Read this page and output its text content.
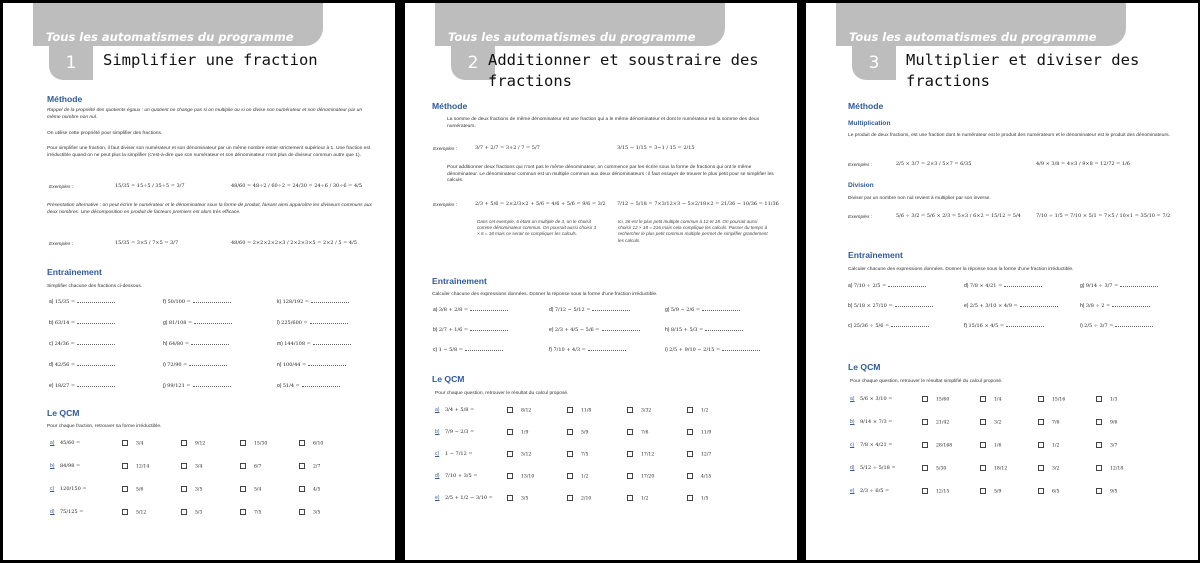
Tous les automatismes du programme
1	Simplifier une fraction
Méthode
Rappel de la propriété des quotients égaux : un quotient ne change pas si on multiplie ou si on divise son numérateur et son dénominateur par un même nombre non nul.
On utilise cette propriété pour simplifier des fractions.
Pour simplifier une fraction, il faut diviser son numérateur et son dénominateur par un même nombre entier strictement supérieur à 1. Une fraction est irréductible quand on ne peut plus la simplifier (c'est-à-dire que son numérateur et son dénominateur n'ont plus de diviseur commun autre que 1).
Exemples :	15/35 = 15÷5 / 35÷5 = 3/7	48/60 = 48÷2 / 60÷2 = 24/30 = 24÷6 / 30÷6 = 4/5
Présentation alternative : on peut écrire le numérateur et le dénominateur sous la forme de produit, faisant ainsi apparaître les diviseurs communs aux deux nombres. Une décomposition en produit de facteurs premiers est alors très efficace.
Exemples :	15/35 = 3×5 / 7×5 = 3/7	48/60 = 2×2×2×2×3 / 2×2×3×5 = 2×2 / 5 = 4/5
Entraînement
Simplifier chacune des fractions ci-dessous.
Le QCM
Pour chaque fraction, retrouver sa forme irréductible.
a) 15/35 =	f) 50/100 =	k) 128/192 =
b) 63/14 =	g) 81/108 =	l) 225/600 =
c) 24/36 =	h) 64/80 =	m) 144/108 =
d) 42/56 =	i) 72/90 =	n) 100/44 =
e) 18/27 =	j) 99/121 =	o) 51/4 =
a) 45/60 =	3/4	9/12	15/30	6/10
b) 84/98 =	12/14	3/4	6/7	2/7
c) 120/150 =	5/6	3/5	5/4	4/5
d) 75/125 =	5/12	5/3	7/5	3/5
Tous les automatismes du programme
2 Additionner et soustraire des fractions
Méthode
La somme de deux fractions de même dénominateur est une fraction qui a le même dénominateur et dont le numérateur est la somme des deux numérateurs.
Exemples :	3/7 + 2/7 = 3+2 / 7 = 5/7	3/15 − 1/15 = 3−1 / 15 = 2/15
Pour additionner deux fractions qui n'ont pas le même dénominateur, on commence par les écrire sous la forme de fractions qui ont le même dénominateur. Le dénominateur commun est un multiple commun aux deux dénominateurs : il faut essayer de trouver le plus petit pour se simplifier les calculs.
Exemples :	2/3 + 5/6 = 2×2/3×2 + 5/6 = 4/6 + 5/6 = 9/6 = 3/2 7/12 − 5/18 = 7×3/12×3 − 5×2/18×2 = 21/36 − 10/36 = 11/36
Dans cet exemple, 6 étant un multiple de 3, on le choisit comme dénominateur commun. On pourrait aussi choisir 3 × 6 = 18 mais ce serait se compliquer les calculs.
Ici, 36 est le plus petit multiple commun à 12 et 18. On pourrait aussi choisir 12 × 18 = 216 mais cela complique les calculs. Passer du temps à rechercher le plus petit commun multiple permet de simplifier grandement les calculs.
Entraînement
Calculer chacune des expressions données. Donner la réponse sous la forme d'une fraction irréductible.
Le QCM
Pour chaque question, retrouver le résultat du calcul proposé.
a) 3/8 + 2/8 =	d) 7/12 − 5/12 =	g) 5/9 − 2/6 =
b) 2/7 + 1/6 =	e) 2/3 + 4/5 − 5/6 =	h) 8/15 + 5/3 =
c) 1 − 5/8 =	f) 7/10 + 4/3 =	i) 2/5 + 9/10 − 2/15 =
a) 3/4 + 5/8 =	8/12	11/8	3/32	1/2
b) 7/9 − 2/3 =	1/9	5/9	7/6	11/9
c) 1 − 7/12 =	3/12	7/5	17/12	12/7
d) 7/10 + 3/5 =	13/10	1/2	17/20	4/15
e) 2/5 + 1/2 − 3/10 =	3/5	2/10	1/2	1/5
Tous les automatismes du programme
3	Multiplier et diviser des fractions
Méthode
Multiplication
Le produit de deux fractions, est une fraction dont le numérateur est le produit des numérateurs et le dénominateur est le produit des dénominateurs.
Exemples :	2/5 × 3/7 = 2×3 / 5×7 = 6/35	4/9 × 3/8 = 4×3 / 9×8 = 12/72 = 1/6
Division
Diviser par un nombre non nul revient à multiplier par son inverse.
Exemples :	5/6 ÷ 3/2 = 5/6 × 2/3 = 5×3 / 6×2 = 15/12 = 5/4	7/10 ÷ 1/5 = 7/10 × 5/1 = 7×5 / 10×1 = 35/10 = 7/2
Entraînement
Calculer chacune des expressions données. Donner la réponse sous la forme d'une fraction irréductible.
Le QCM
Pour chaque question, retrouver le résultat simplifié du calcul proposé.
a) 7/10 ÷ 2/5 =	d) 7/8 × 4/21 =	g) 9/14 ÷ 3/7 =
b) 5/18 × 27/10 =	e) 2/5 + 3/10 × 4/9 =	h) 3/8 ÷ 2 =
c) 25/36 ÷ 5/6 =	f) 15/16 × 4/5 =	i) 2/5 ÷ 3/7 =
a) 5/6 × 3/10 =	15/60	1/4	15/16	1/3
b) 9/14 × 7/3 =	21/42	3/2	7/6	9/6
c) 7/8 × 4/21 =	28/168	1/6	1/2	3/7
d) 5/12 ÷ 5/18 =	5/30	18/12	3/2	12/18
e) 2/3 ÷ 6/5 =	12/15	5/9	6/5	9/5
